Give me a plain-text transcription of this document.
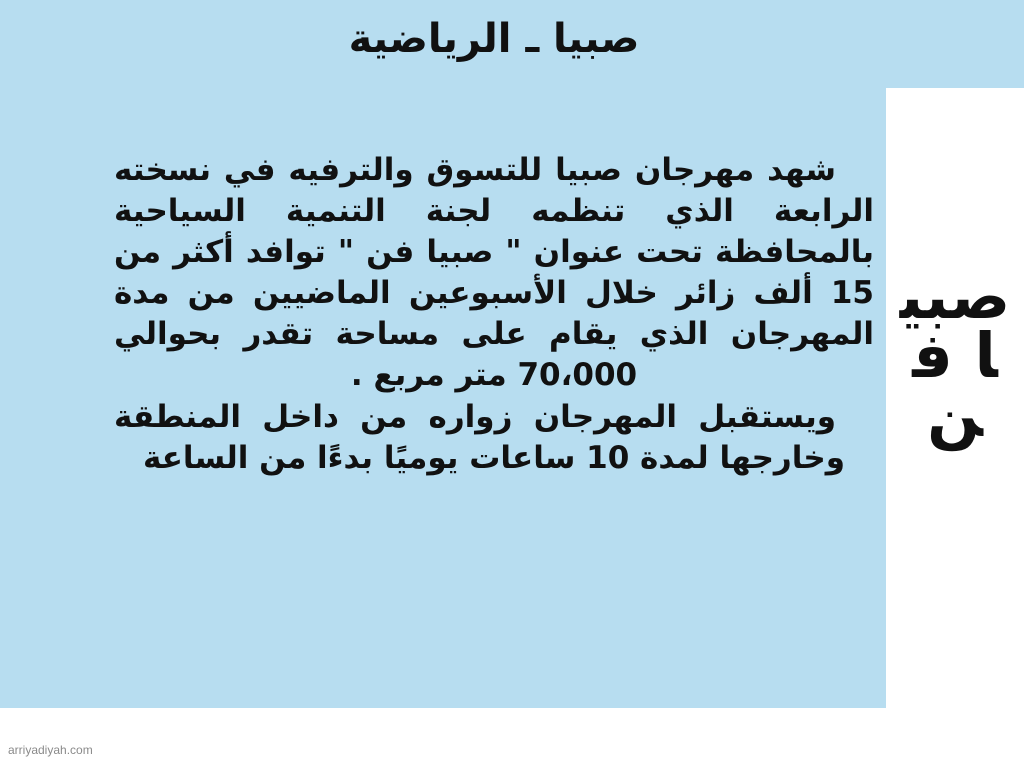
صبيا ـ الرياضية
صبيا فن

شهد مهرجان صبيا للتسوق والترفيه في نسخته الرابعة الذي تنظمه لجنة التنمية السياحية بالمحافظة تحت عنوان " صبيا فن " توافد أكثر من 15 ألف زائر خلال الأسبوعين الماضيين من مدة المهرجان الذي يقام على مساحة تقدر بحوالي 70،000 متر مربع .

ويستقبل المهرجان زواره من داخل المنطقة وخارجها لمدة 10 ساعات يوميًا بدءًا من الساعة

arriyadiyah.com
